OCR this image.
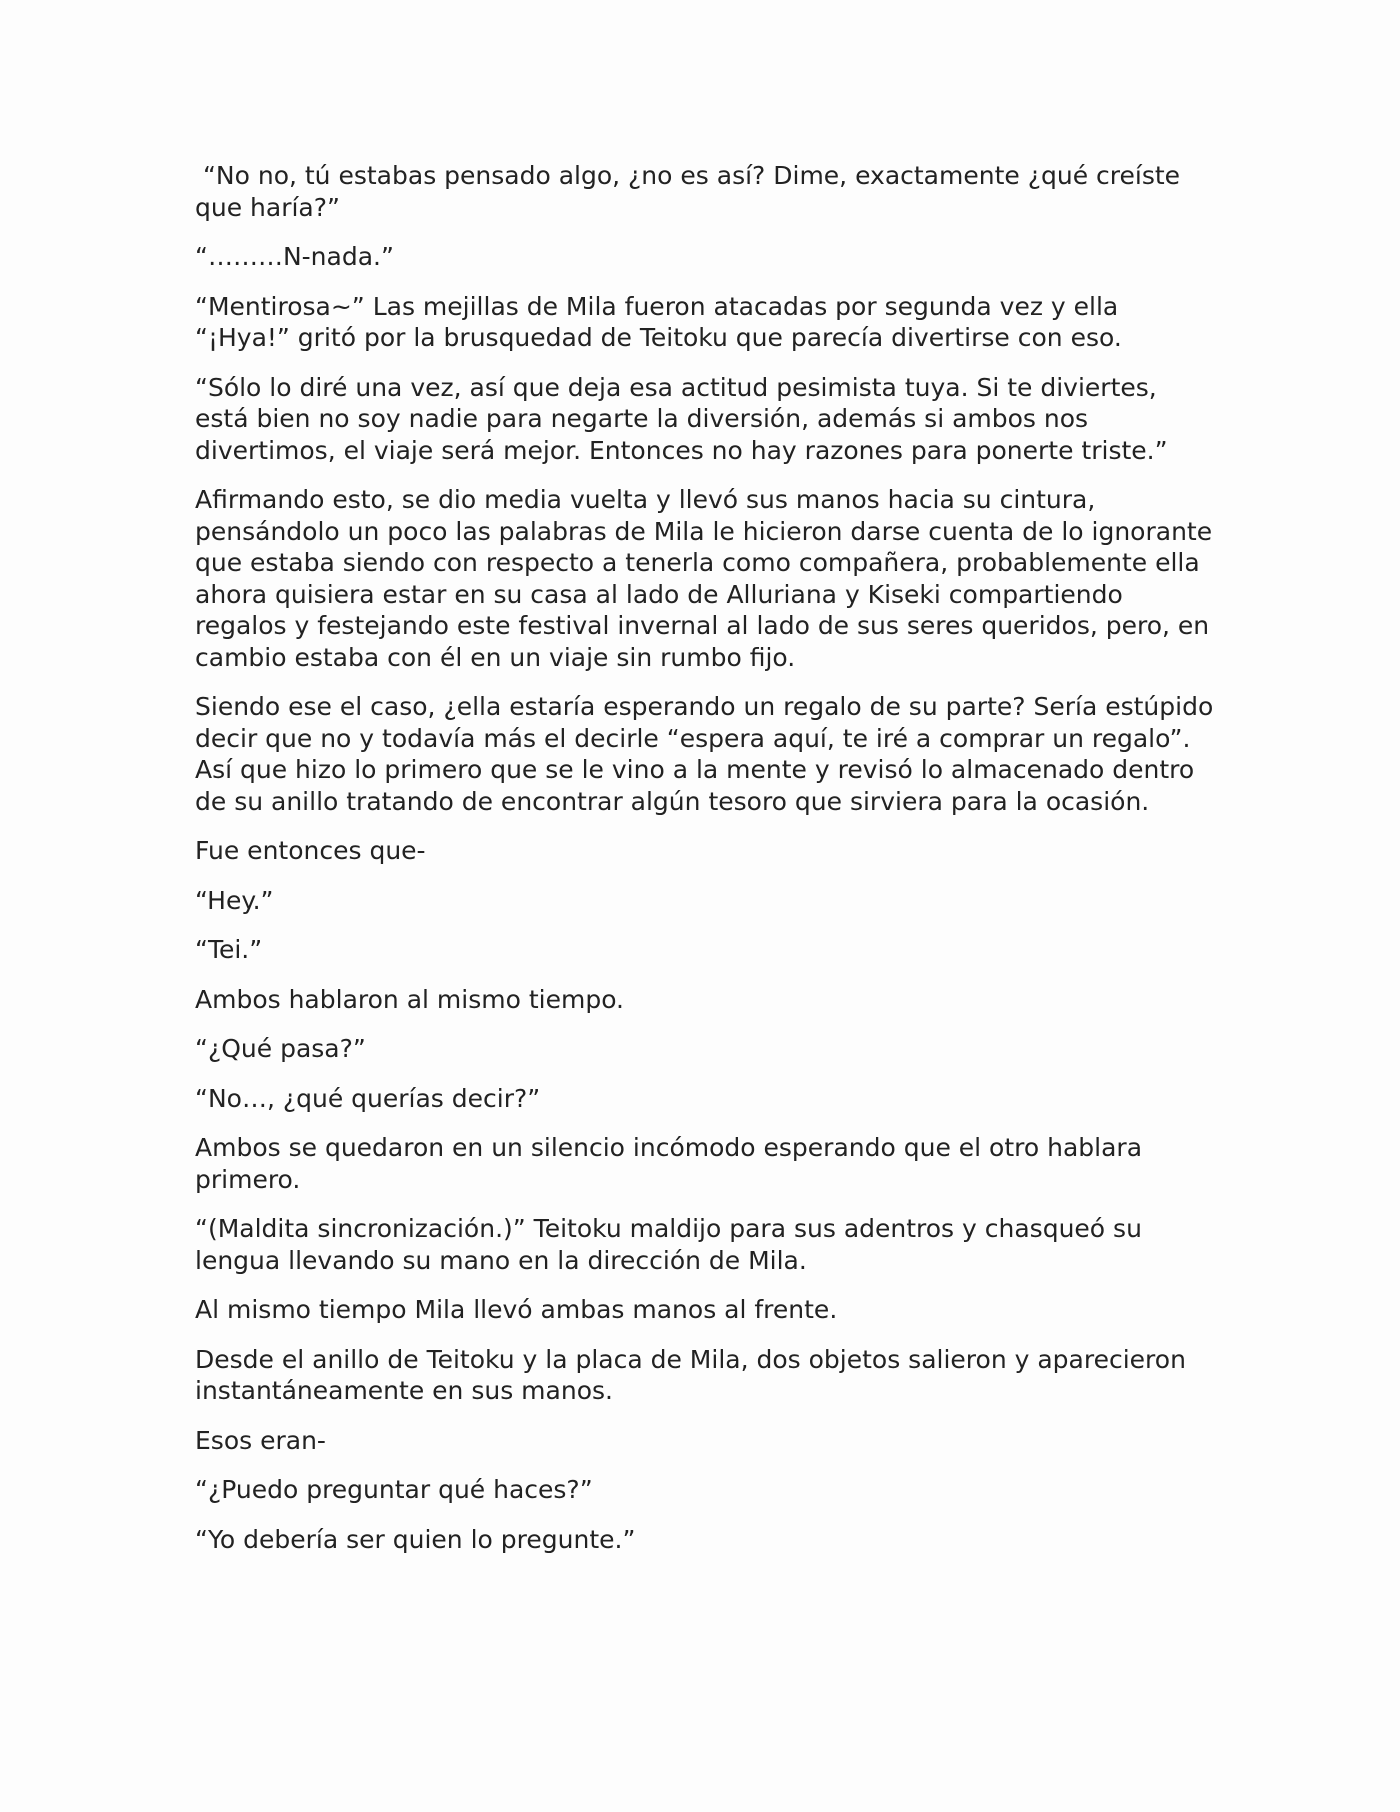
“No no, tú estabas pensado algo, ¿no es así? Dime, exactamente ¿qué creíste que haría?”

“………N-nada.”

“Mentirosa~” Las mejillas de Mila fueron atacadas por segunda vez y ella “¡Hya!” gritó por la brusquedad de Teitoku que parecía divertirse con eso.

“Sólo lo diré una vez, así que deja esa actitud pesimista tuya. Si te diviertes, está bien no soy nadie para negarte la diversión, además si ambos nos divertimos, el viaje será mejor. Entonces no hay razones para ponerte triste.”

Afirmando esto, se dio media vuelta y llevó sus manos hacia su cintura, pensándolo un poco las palabras de Mila le hicieron darse cuenta de lo ignorante que estaba siendo con respecto a tenerla como compañera, probablemente ella ahora quisiera estar en su casa al lado de Alluriana y Kiseki compartiendo regalos y festejando este festival invernal al lado de sus seres queridos, pero, en cambio estaba con él en un viaje sin rumbo fijo.

Siendo ese el caso, ¿ella estaría esperando un regalo de su parte? Sería estúpido decir que no y todavía más el decirle “espera aquí, te iré a comprar un regalo”. Así que hizo lo primero que se le vino a la mente y revisó lo almacenado dentro de su anillo tratando de encontrar algún tesoro que sirviera para la ocasión.

Fue entonces que-

“Hey.”

“Tei.”

Ambos hablaron al mismo tiempo.

“¿Qué pasa?”

“No…, ¿qué querías decir?”

Ambos se quedaron en un silencio incómodo esperando que el otro hablara primero.

“(Maldita sincronización.)” Teitoku maldijo para sus adentros y chasqueó su lengua llevando su mano en la dirección de Mila.

Al mismo tiempo Mila llevó ambas manos al frente.

Desde el anillo de Teitoku y la placa de Mila, dos objetos salieron y aparecieron instantáneamente en sus manos.

Esos eran-

“¿Puedo preguntar qué haces?”

“Yo debería ser quien lo pregunte.”
